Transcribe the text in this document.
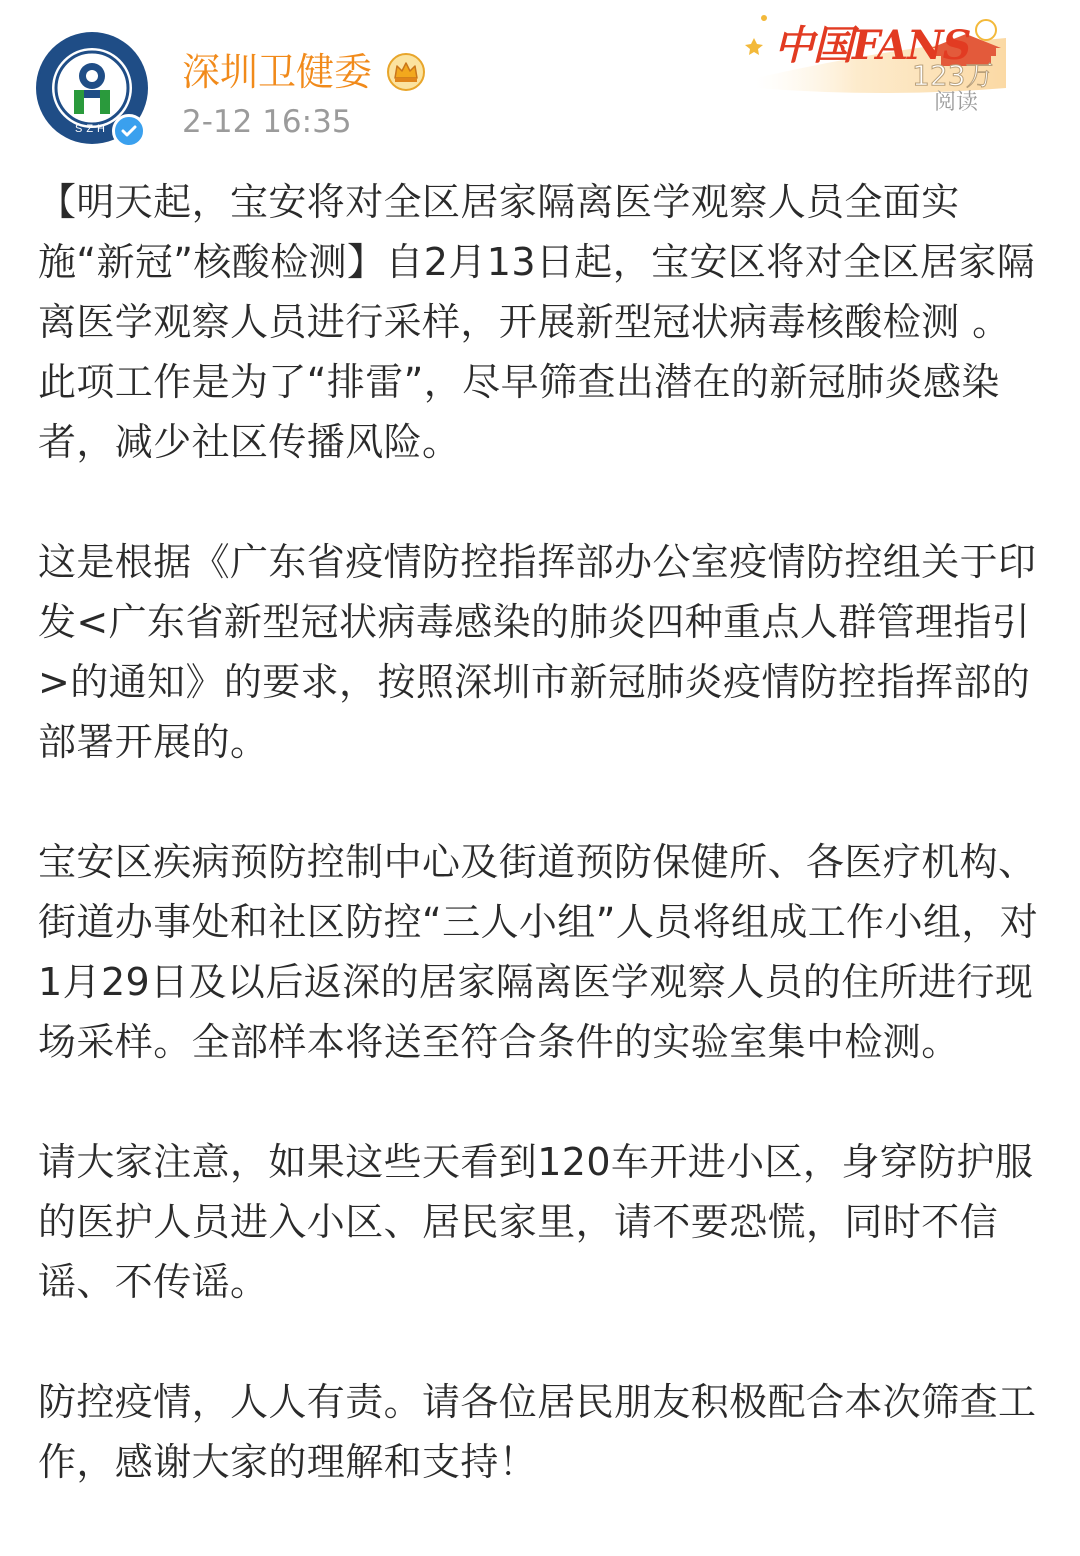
SZH
深圳卫健委
2-12 16:35
中国FANS
123万
阅读

【明天起，宝安将对全区居家隔离医学观察人员全面实施“新冠”核酸检测】自2月13日起，宝安区将对全区居家隔离医学观察人员进行采样，开展新型冠状病毒核酸检测 。此项工作是为了“排雷”，尽早筛查出潜在的新冠肺炎感染者，减少社区传播风险。

这是根据《广东省疫情防控指挥部办公室疫情防控组关于印发<广东省新型冠状病毒感染的肺炎四种重点人群管理指引>的通知》的要求，按照深圳市新冠肺炎疫情防控指挥部的部署开展的。

宝安区疾病预防控制中心及街道预防保健所、各医疗机构、街道办事处和社区防控“三人小组”人员将组成工作小组，对1月29日及以后返深的居家隔离医学观察人员的住所进行现场采样。全部样本将送至符合条件的实验室集中检测。

请大家注意，如果这些天看到120车开进小区，身穿防护服的医护人员进入小区、居民家里，请不要恐慌，同时不信谣、不传谣。

防控疫情，人人有责。请各位居民朋友积极配合本次筛查工作，感谢大家的理解和支持！
